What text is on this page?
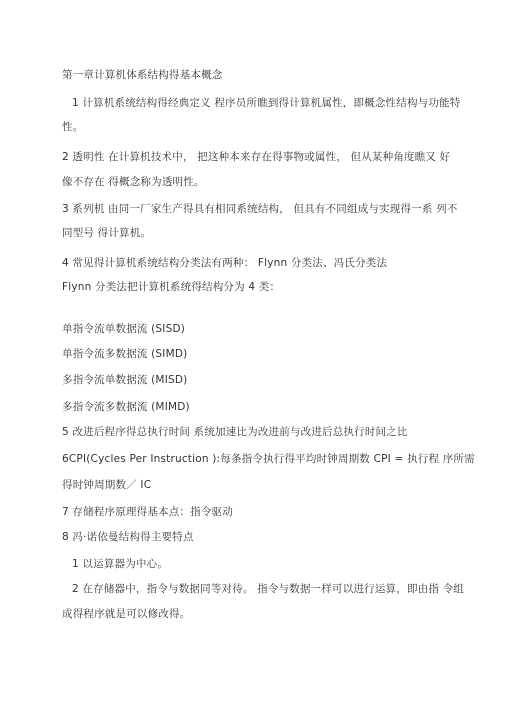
第一章计算机体系结构得基本概念
1 计算机系统结构得经典定义 程序员所瞧到得计算机属性，即概念性结构与功能特
性。
2 透明性 在计算机技术中， 把这种本来存在得事物或属性， 但从某种角度瞧又 好
像不存在 得概念称为透明性。
3 系列机 由同一厂家生产得具有相同系统结构， 但具有不同组成与实现得一系 列不
同型号 得计算机。
4 常见得计算机系统结构分类法有两种： Flynn 分类法、冯氏分类法
Flynn 分类法把计算机系统得结构分为 4 类：
单指令流单数据流 (SISD)
单指令流多数据流 (SIMD)
多指令流单数据流 (MISD)
多指令流多数据流 (MIMD)
5 改进后程序得总执行时间 系统加速比为改进前与改进后总执行时间之比
6CPI(Cycles Per Instruction ):每条指令执行得平均时钟周期数 CPI = 执行程 序所需
得时钟周期数／ IC
7 存储程序原理得基本点：指令驱动
8 冯·诺依曼结构得主要特点
1 以运算器为中心。
2 在存储器中，指令与数据同等对待。 指令与数据一样可以进行运算，即由指 令组
成得程序就是可以修改得。
